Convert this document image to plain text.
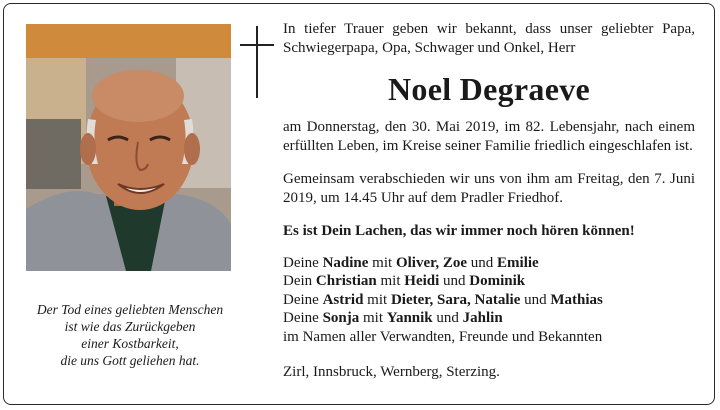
Der Tod eines geliebten Menschen
ist wie das Zurückgeben
einer Kostbarkeit,
die uns Gott geliehen hat.

In tiefer Trauer geben wir bekannt, dass unser geliebter Papa, Schwiegerpapa, Opa, Schwager und Onkel, Herr

Noel Degraeve

am Donnerstag, den 30. Mai 2019, im 82. Lebensjahr, nach einem erfüllten Leben, im Kreise seiner Familie friedlich eingeschlafen ist.

Gemeinsam verabschieden wir uns von ihm am Freitag, den 7. Juni 2019, um 14.45 Uhr auf dem Pradler Friedhof.

Es ist Dein Lachen, das wir immer noch hören können!

Deine Nadine mit Oliver, Zoe und Emilie
Dein Christian mit Heidi und Dominik
Deine Astrid mit Dieter, Sara, Natalie und Mathias
Deine Sonja mit Yannik und Jahlin
im Namen aller Verwandten, Freunde und Bekannten

Zirl, Innsbruck, Wernberg, Sterzing.
